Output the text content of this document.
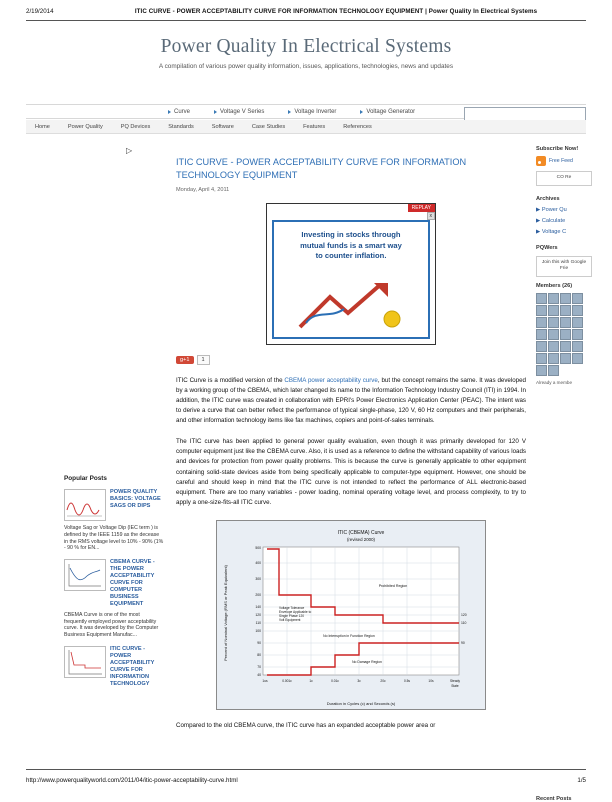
2/19/2014	ITIC CURVE - POWER ACCEPTABILITY CURVE FOR INFORMATION TECHNOLOGY EQUIPMENT | Power Quality In Electrical Systems
Power Quality In Electrical Systems
A compilation of various power quality information, issues, applications, technologies, news and updates
Curve	Voltage V Series	Voltage Inverter	Voltage Generator
Home	Power Quality	PQ Devices	Standards	Software	Case Studies	Features	References
▷
Popular Posts
POWER QUALITY BASICS: VOLTAGE SAGS OR DIPS
Voltage Sag or Voltage Dip (IEC term ) is defined by the IEEE 1159 as the decease in the RMS voltage level to 10% - 90% (1% - 90 % for EN...
CBEMA CURVE - THE POWER ACCEPTABILITY CURVE FOR COMPUTER BUSINESS EQUIPMENT
CBEMA Curve is one of the most frequently employed power acceptability curve. It was developed by the Computer Business Equipment Manufac...
ITIC CURVE - POWER ACCEPTABILITY CURVE FOR INFORMATION TECHNOLOGY
ITIC CURVE - POWER ACCEPTABILITY CURVE FOR INFORMATION TECHNOLOGY EQUIPMENT
Monday, April 4, 2011
REPLAY
x
Investing in stocks through
mutual funds is a smart way
to counter inflation.
g+1	1

ITIC Curve is a modified version of the CBEMA power acceptability curve, but the concept remains the same. It was developed by a working group of the CBEMA, which later changed its name to the Information Technology Industry Council (ITI) in 1994. In addition, the ITIC curve was created in collaboration with EPRI's Power Electronics Application Center (PEAC). The intent was to derive a curve that can better reflect the performance of typical single-phase, 120 V, 60 Hz computers and their peripherals, and other information technology items like fax machines, copiers and point-of-sales terminals.

The ITIC curve has been applied to general power quality evaluation, even though it was primarily developed for 120 V computer equipment just like the CBEMA curve. Also, it is used as a reference to define the withstand capability of various loads and devices for protection from power quality problems. This is because the curve is generally applicable to other equipment containing solid-state devices aside from being specifically applicable to computer-type equipment. However, one should be careful and should keep in mind that the ITIC curve is not intended to reflect the performance of ALL electronic-based equipment. There are too many variables - power loading, nominal operating voltage level, and process complexity, to try to apply a one-size-fits-all ITIC curve.

ITIC (CBEMA) Curve
(revised 2000)
Percent of Nominal Voltage (RMS or Peak Equivalent)
Duration in Cycles (c) and Seconds (s)
500
400
300
200
140
120
110
100
90
80
70
40
120
110
90
1us	0.001c	1c	0.01c	3c	20c	0.5s	10s	Steady
State
Prohibited Region
Voltage Tolerance
Envelope Applicable to
Single Phase 120
Volt Equipment
No Interruption in Function Region
No Damage Region

Compared to the old CBEMA curve, the ITIC curve has an expanded acceptable power area or

Subscribe Now!
Free Feed
CO Re
Archives
▶ Power Qu
▶ Calculate
▶ Voltage C
PQWers
Join this with Google Frie
Members (26)
Already a membe
Recent Posts
http://www.powerqualityworld.com/2011/04/itic-power-acceptability-curve.html	1/5
